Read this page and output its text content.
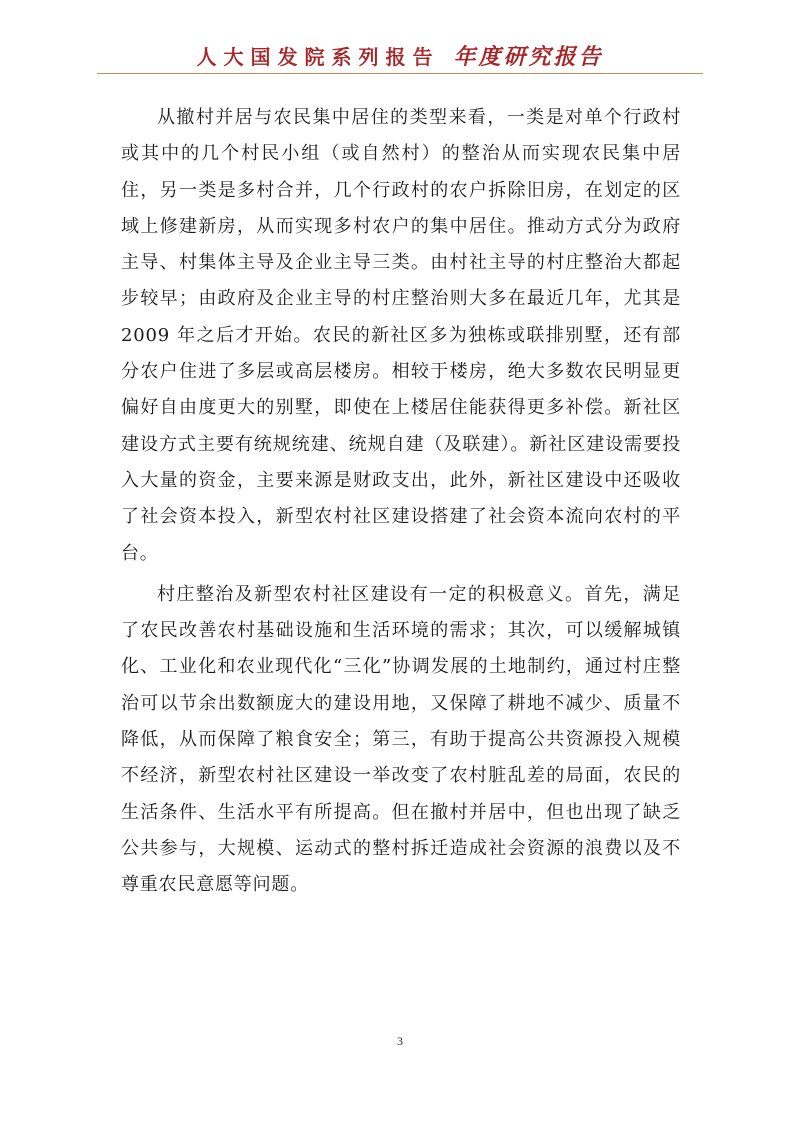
人大国发院系列报告 年度研究报告

从撤村并居与农民集中居住的类型来看，一类是对单个行政村或其中的几个村民小组（或自然村）的整治从而实现农民集中居住，另一类是多村合并，几个行政村的农户拆除旧房，在划定的区域上修建新房，从而实现多村农户的集中居住。推动方式分为政府主导、村集体主导及企业主导三类。由村社主导的村庄整治大都起步较早；由政府及企业主导的村庄整治则大多在最近几年，尤其是 2009 年之后才开始。农民的新社区多为独栋或联排别墅，还有部分农户住进了多层或高层楼房。相较于楼房，绝大多数农民明显更偏好自由度更大的别墅，即使在上楼居住能获得更多补偿。新社区建设方式主要有统规统建、统规自建（及联建）。新社区建设需要投入大量的资金，主要来源是财政支出，此外，新社区建设中还吸收了社会资本投入，新型农村社区建设搭建了社会资本流向农村的平台。

村庄整治及新型农村社区建设有一定的积极意义。首先，满足了农民改善农村基础设施和生活环境的需求；其次，可以缓解城镇化、工业化和农业现代化“三化”协调发展的土地制约，通过村庄整治可以节余出数额庞大的建设用地，又保障了耕地不减少、质量不降低，从而保障了粮食安全；第三，有助于提高公共资源投入规模不经济，新型农村社区建设一举改变了农村脏乱差的局面，农民的生活条件、生活水平有所提高。但在撤村并居中，但也出现了缺乏公共参与，大规模、运动式的整村拆迁造成社会资源的浪费以及不尊重农民意愿等问题。

3
